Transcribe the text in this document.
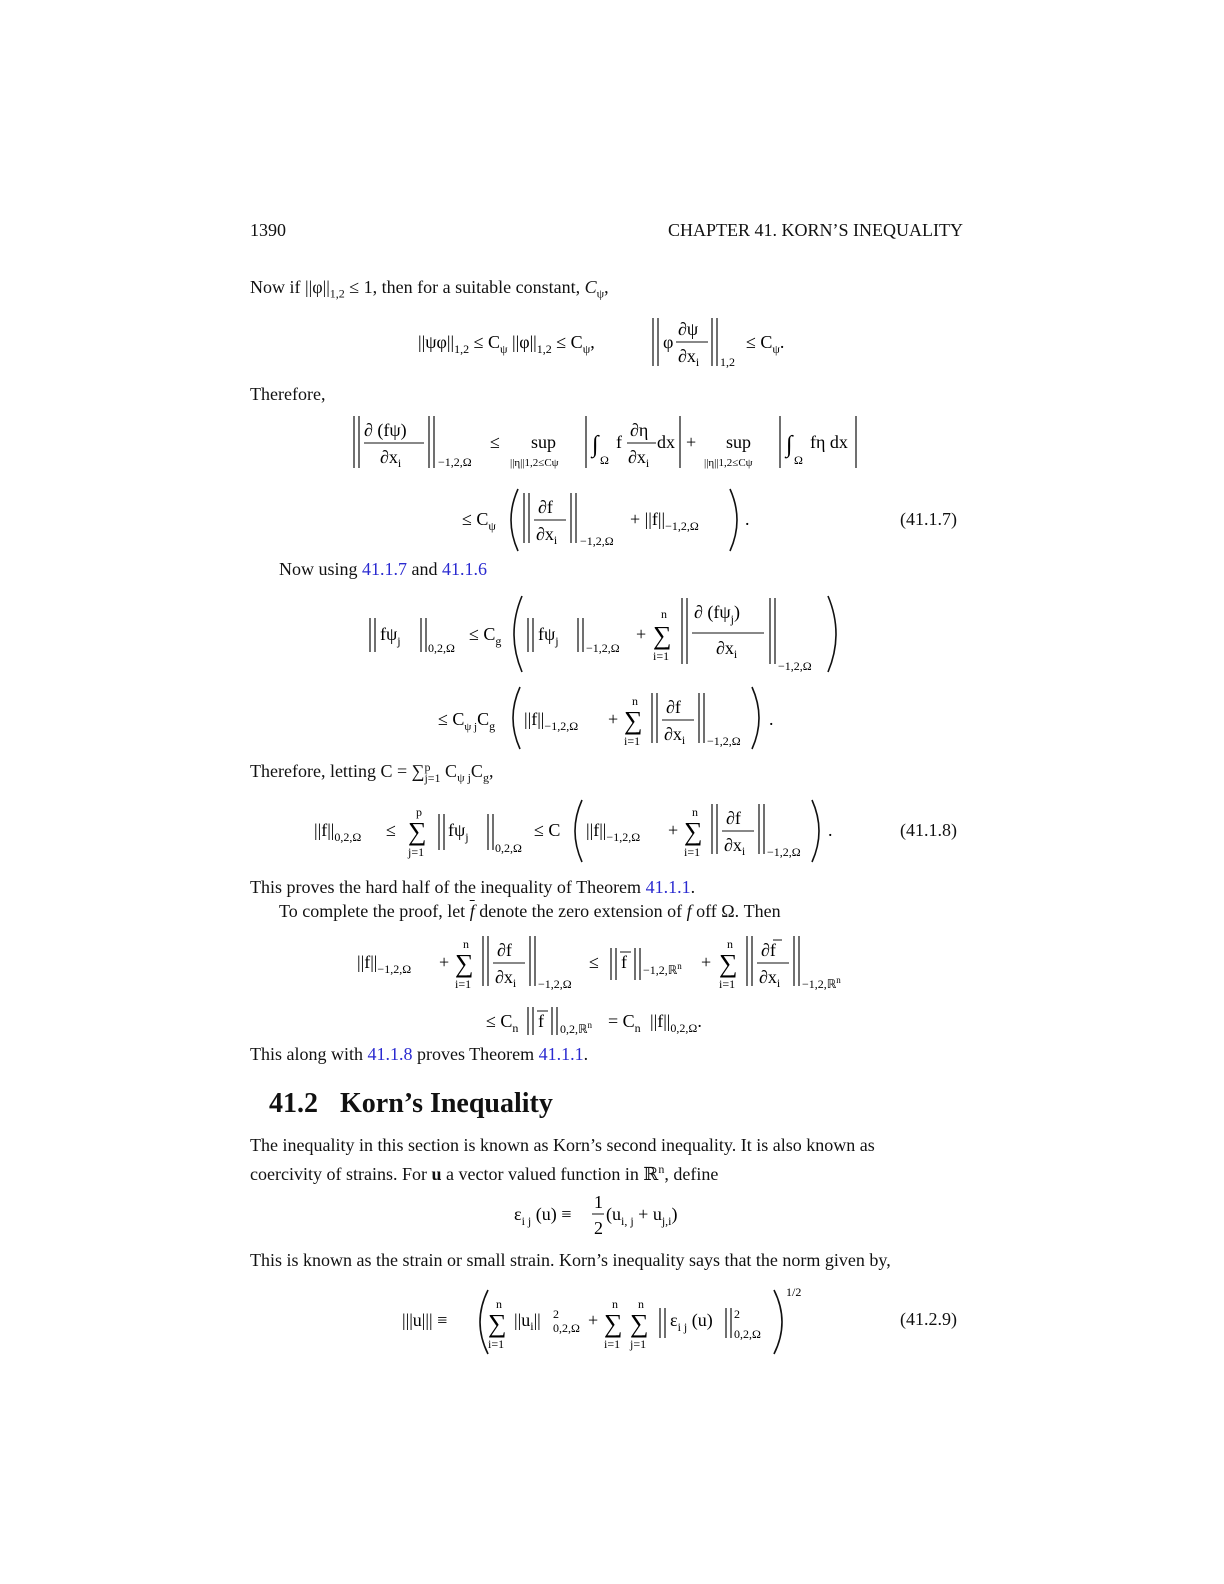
1390	CHAPTER 41. KORN’S INEQUALITY
Now if $||\varphi||_{1,2} \le 1$, then for a suitable constant, $C_\psi$,
$||\psi\varphi||_{1,2} \le C_\psi$ $||\varphi||_{1,2} \le C_\psi$,	φ
∂ψ
$\partial x_i$ 1,2
≤ $C_\psi$.
Therefore,
∂ (fψ)
$\partial x_i$	−1,2,Ω
≤ sup
||η||1,2≤Cψ
∫
Ω
f
∂η
$\partial x_i$
dx + sup
||η||1,2≤Cψ
∫
Ω
fη dx
≤ $C_\psi$
∂f
$\partial x_i -1,2,\Omega$
+ $||f||_{-1,2,\Omega}$	.	(41.1.7)
Now using 41.1.7 and 41.1.6
$f\psi_j$ 0,2,Ω
≤ $C_g$ $f\psi_j -1,2,\Omega$
+
n
∑
i=1
∂ $(f\psi_j)$
$\partial x_i$
−1,2,Ω
≤ $C_{\psi j}C_g$ $||f||_{-1,2,\Omega}$ +
n
∑
i=1
∂f
$\partial x_i -1,2,\Omega$
.
Therefore, letting C = ∑ p
j=1 $C_{\psi j}C_g$,
$||f||_{0,2,\Omega}$ ≤
p
∑
j=1
$f\psi_j$
0,2,Ω
≤ C $||f||_{-1,2,\Omega}$ +
n
∑
i=1
∂f
$\partial x_i -1,2,\Omega$
.	(41.1.8)
This proves the hard half of the inequality of Theorem 41.1.1.
To complete the proof, let $\overline{f}$ denote the zero extension of f off Ω. Then
$||f||_{-1,2,\Omega}$ +
n
∑
i=1
∂f
$\partial x_i -1,2,\Omega$
≤ f −1,2,ℝ$^n$ +
n
∑
i=1
∂f
$\partial x_i$ −1,2,ℝ$^n$
≤ $C_n$ f 0,2,ℝ$^n$ = $C_n$ $||f||_{0,2,\Omega}$.
This along with 41.1.8 proves Theorem 41.1.1.
41.2 Korn’s Inequality
The inequality in this section is known as Korn’s second inequality. It is also known as
coercivity of strains. For u a vector valued function in ℝ$^n$, define
$\varepsilon_{i j}$ (u) ≡
1
2
$(u_{i, j} + u_{j,i})$
This is known as the strain or small strain. Korn’s inequality says that the norm given by,
|||u||| ≡
n
∑
i=1
$||u_i||$ 2
0,2,Ω +
n
∑
i=1
n
∑
j=1
$\varepsilon_{i j}$ (u) 2
0,2,Ω
1/2
(41.2.9)
